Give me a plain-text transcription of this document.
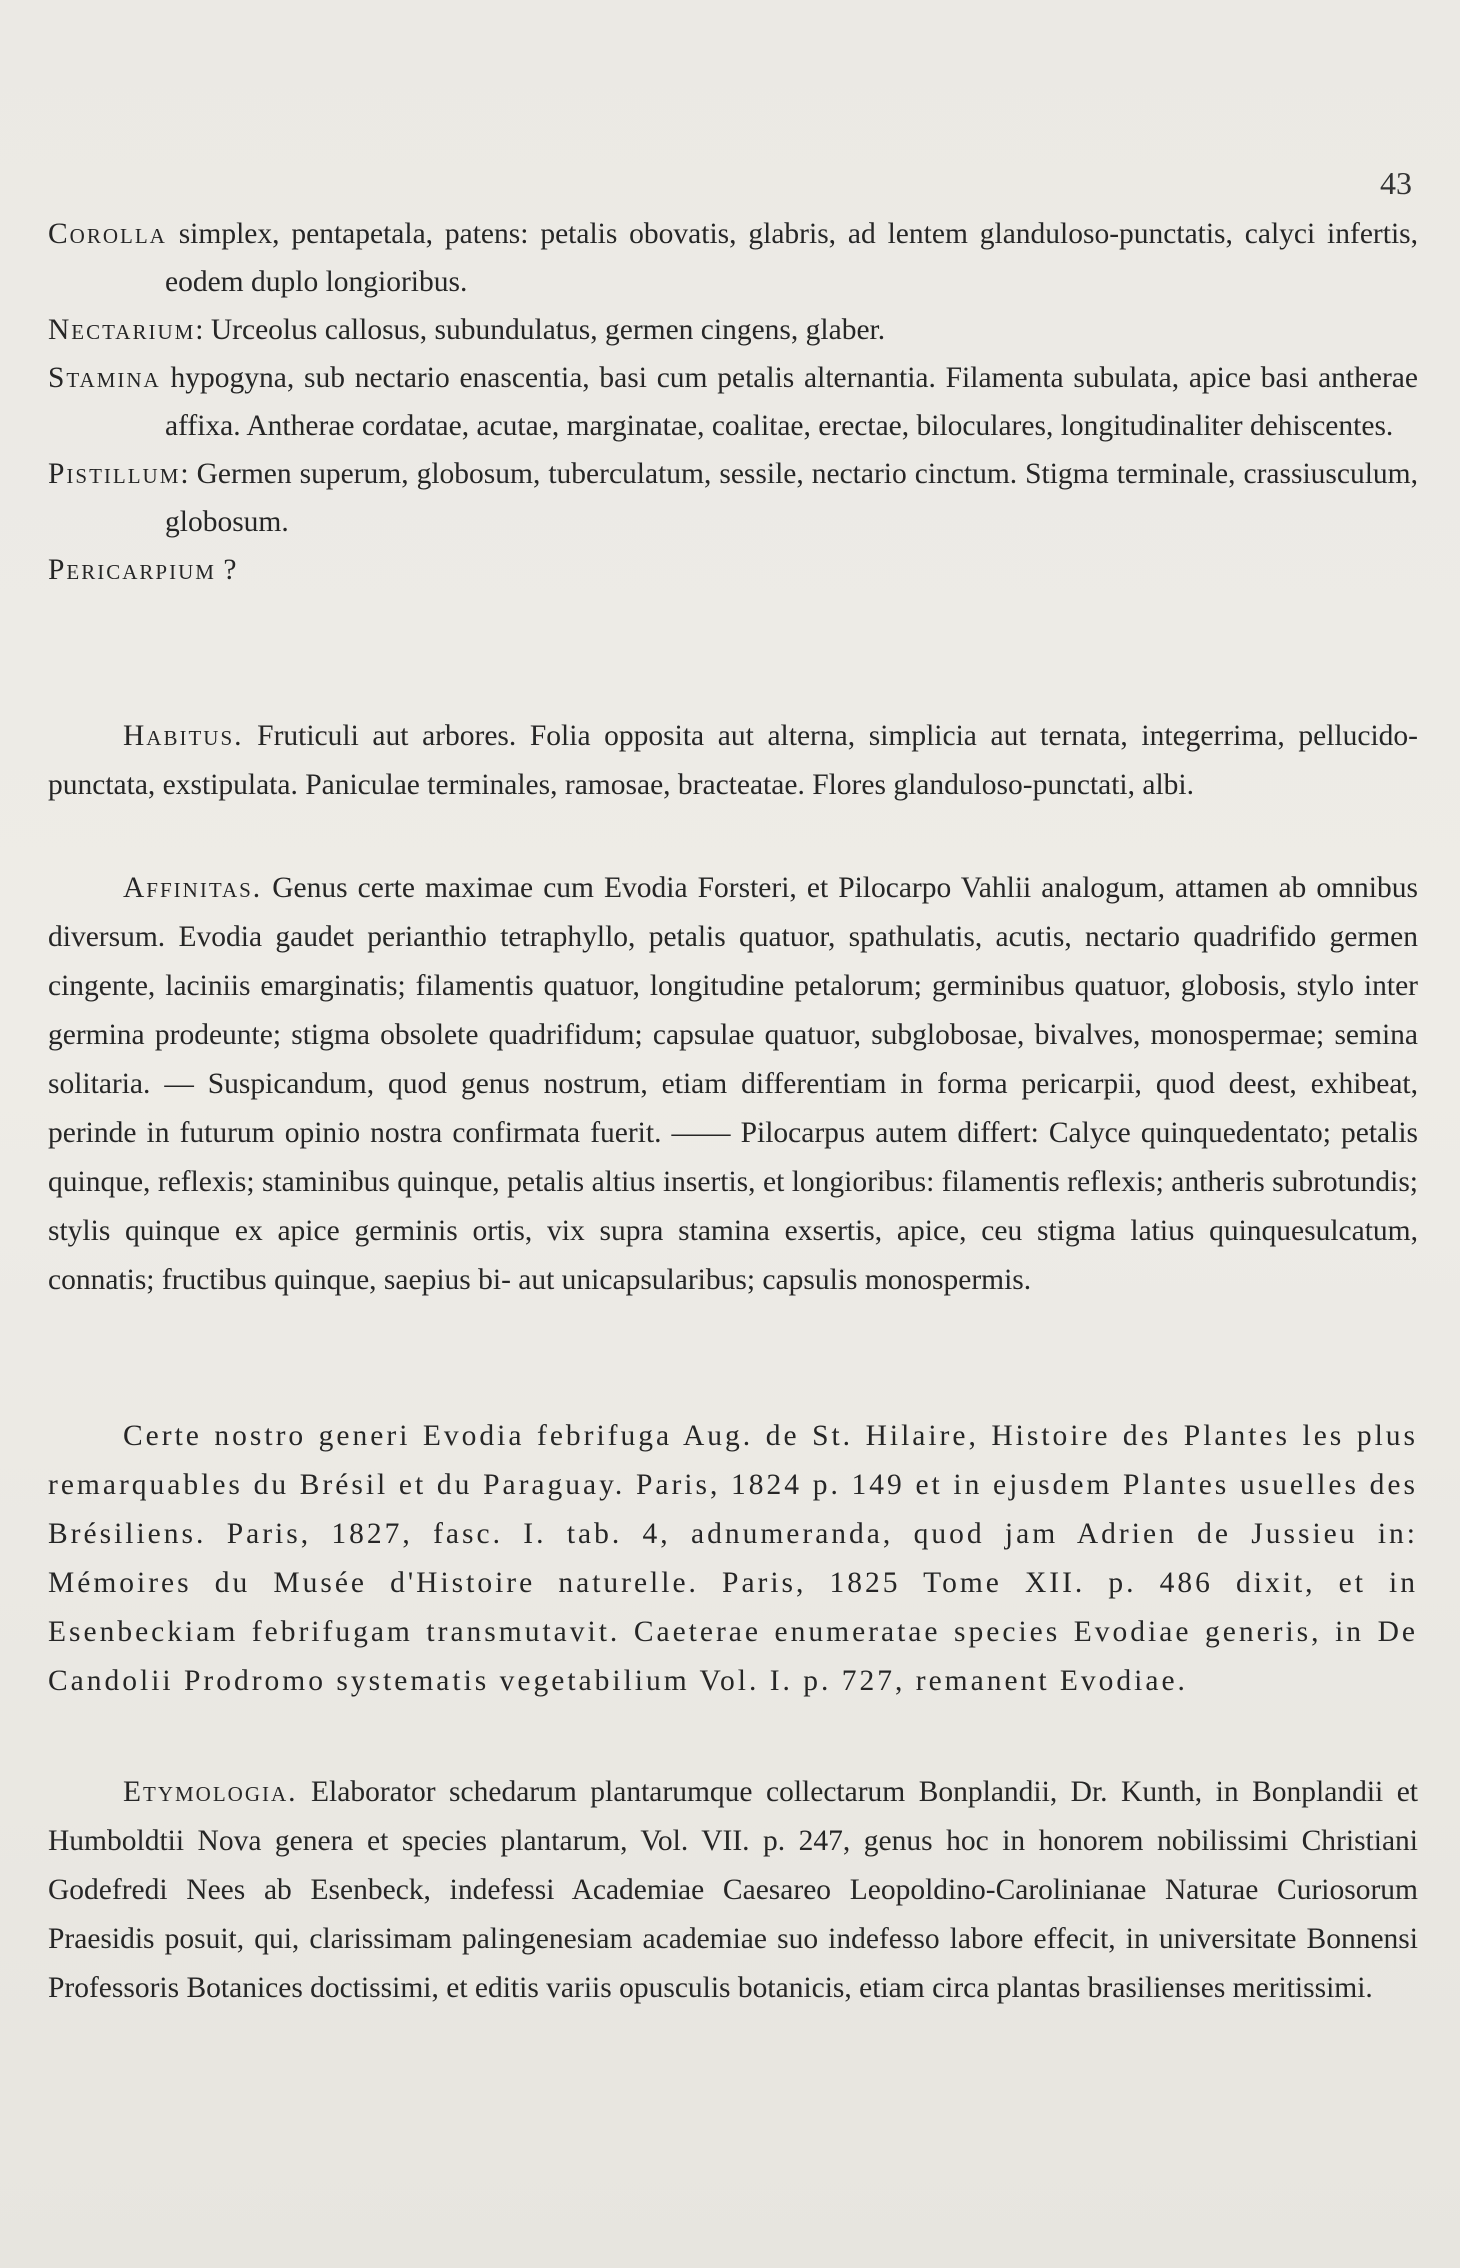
43

Corolla simplex, pentapetala, patens: petalis obovatis, glabris, ad lentem glanduloso-punctatis, calyci infertis, eodem duplo longioribus.

Nectarium: Urceolus callosus, subundulatus, germen cingens, glaber.

Stamina hypogyna, sub nectario enascentia, basi cum petalis alternantia. Filamenta subulata, apice basi antherae affixa. Antherae cordatae, acutae, marginatae, coalitae, erectae, biloculares, longitudinaliter dehiscentes.

Pistillum: Germen superum, globosum, tuberculatum, sessile, nectario cinctum. Stigma terminale, crassiusculum, globosum.

Pericarpium ?

Habitus. Fruticuli aut arbores. Folia opposita aut alterna, simplicia aut ternata, integerrima, pellucido-punctata, exstipulata. Paniculae terminales, ramosae, bracteatae. Flores glanduloso-punctati, albi.

Affinitas. Genus certe maximae cum Evodia Forsteri, et Pilocarpo Vahlii analogum, attamen ab omnibus diversum. Evodia gaudet perianthio tetraphyllo, petalis quatuor, spathulatis, acutis, nectario quadrifido germen cingente, laciniis emarginatis; filamentis quatuor, longitudine petalorum; germinibus quatuor, globosis, stylo inter germina prodeunte; stigma obsolete quadrifidum; capsulae quatuor, subglobosae, bivalves, monospermae; semina solitaria. — Suspicandum, quod genus nostrum, etiam differentiam in forma pericarpii, quod deest, exhibeat, perinde in futurum opinio nostra confirmata fuerit. —— Pilocarpus autem differt: Calyce quinquedentato; petalis quinque, reflexis; staminibus quinque, petalis altius insertis, et longioribus: filamentis reflexis; antheris subrotundis; stylis quinque ex apice germinis ortis, vix supra stamina exsertis, apice, ceu stigma latius quinquesulcatum, connatis; fructibus quinque, saepius bi- aut unicapsularibus; capsulis monospermis.

Certe nostro generi Evodia febrifuga Aug. de St. Hilaire, Histoire des Plantes les plus remarquables du Brésil et du Paraguay. Paris, 1824 p. 149 et in ejusdem Plantes usuelles des Brésiliens. Paris, 1827, fasc. I. tab. 4, adnumeranda, quod jam Adrien de Jussieu in: Mémoires du Musée d'Histoire naturelle. Paris, 1825 Tome XII. p. 486 dixit, et in Esenbeckiam febrifugam transmutavit. Caeterae enumeratae species Evodiae generis, in De Candolii Prodromo systematis vegetabilium Vol. I. p. 727, remanent Evodiae.

Etymologia. Elaborator schedarum plantarumque collectarum Bonplandii, Dr. Kunth, in Bonplandii et Humboldtii Nova genera et species plantarum, Vol. VII. p. 247, genus hoc in honorem nobilissimi Christiani Godefredi Nees ab Esenbeck, indefessi Academiae Caesareo Leopoldino-Carolinianae Naturae Curiosorum Praesidis posuit, qui, clarissimam palingenesiam academiae suo indefesso labore effecit, in universitate Bonnensi Professoris Botanices doctissimi, et editis variis opusculis botanicis, etiam circa plantas brasilienses meritissimi.
